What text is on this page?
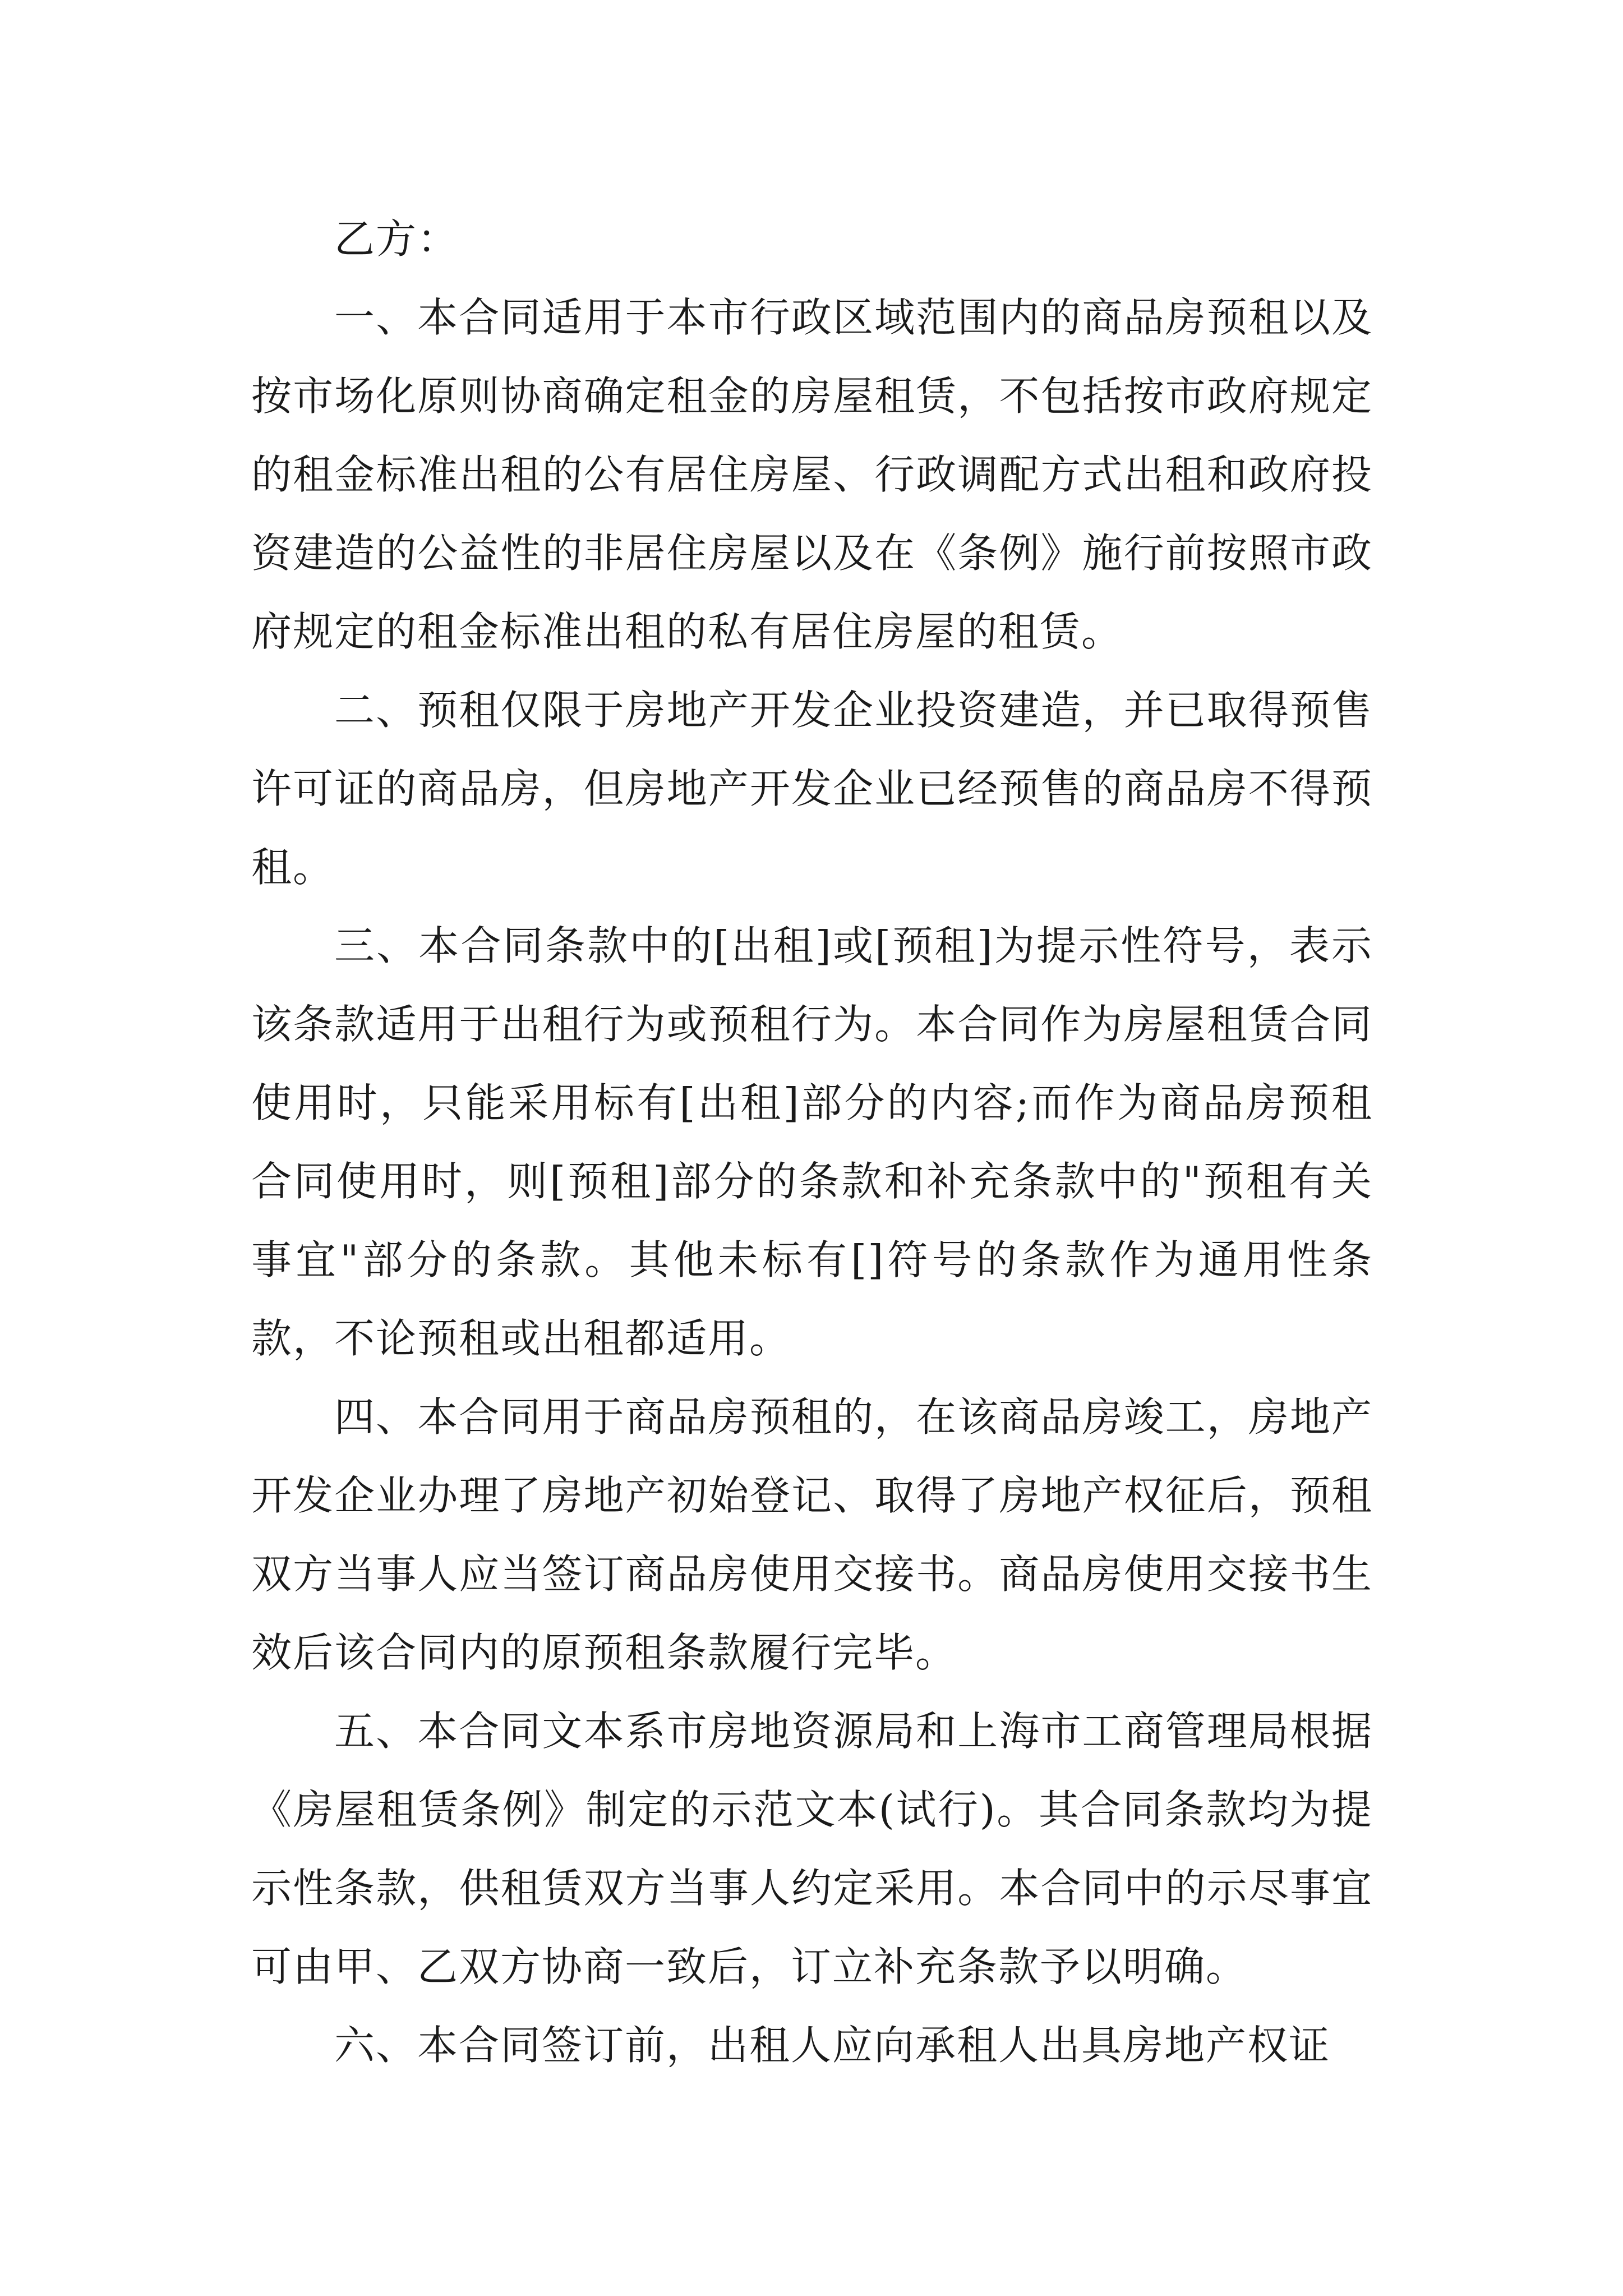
乙方：

一、本合同适用于本市行政区域范围内的商品房预租以及按市场化原则协商确定租金的房屋租赁，不包括按市政府规定的租金标准出租的公有居住房屋、行政调配方式出租和政府投资建造的公益性的非居住房屋以及在《条例》施行前按照市政府规定的租金标准出租的私有居住房屋的租赁。

二、预租仅限于房地产开发企业投资建造，并已取得预售许可证的商品房，但房地产开发企业已经预售的商品房不得预租。

三、本合同条款中的[出租]或[预租]为提示性符号，表示该条款适用于出租行为或预租行为。本合同作为房屋租赁合同使用时，只能采用标有[出租]部分的内容;而作为商品房预租合同使用时，则[预租]部分的条款和补充条款中的"预租有关事宜"部分的条款。其他未标有[]符号的条款作为通用性条款，不论预租或出租都适用。

四、本合同用于商品房预租的，在该商品房竣工，房地产开发企业办理了房地产初始登记、取得了房地产权征后，预租双方当事人应当签订商品房使用交接书。商品房使用交接书生效后该合同内的原预租条款履行完毕。

五、本合同文本系市房地资源局和上海市工商管理局根据《房屋租赁条例》制定的示范文本(试行)。其合同条款均为提示性条款，供租赁双方当事人约定采用。本合同中的示尽事宜可由甲、乙双方协商一致后，订立补充条款予以明确。

六、本合同签订前，出租人应向承租人出具房地产权证
